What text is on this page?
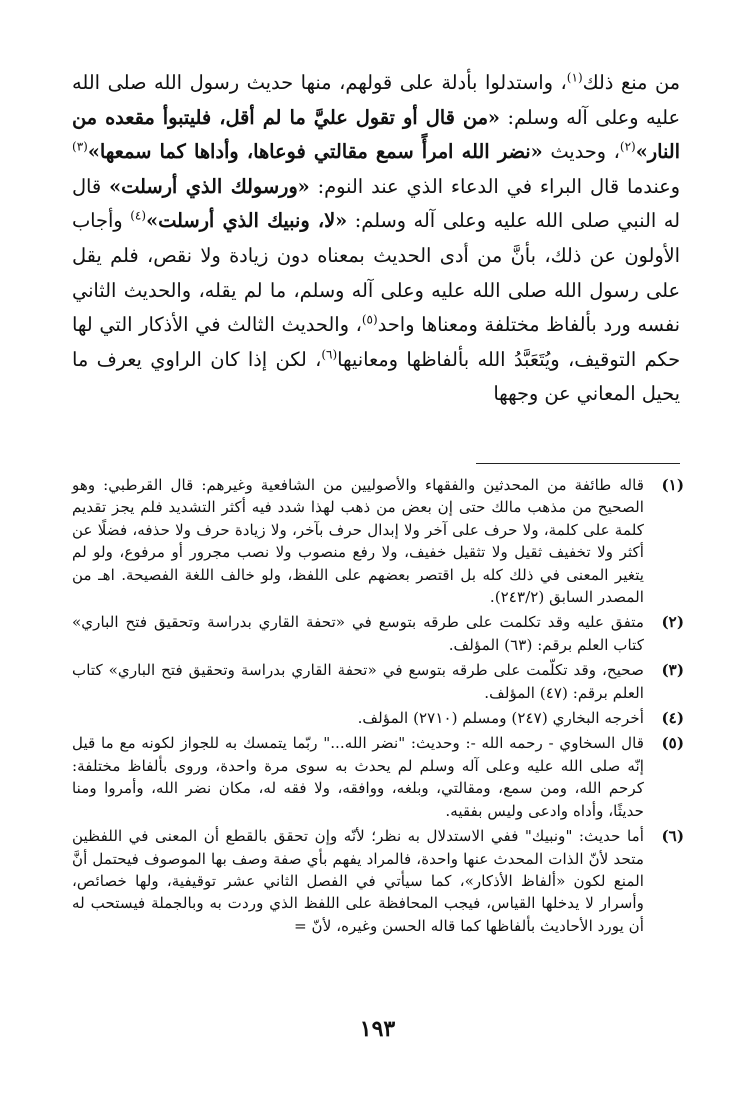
من منع ذلك$^{(١)}$، واستدلوا بأدلة على قولهم، منها حديث رسول الله صلى الله عليه وعلى آله وسلم: «من قال أو تقول عليَّ ما لم أقل، فليتبوأ مقعده من النار»$^{(٢)}$، وحديث «نضر الله امرأً سمع مقالتي فوعاها، وأداها كما سمعها»$^{(٣)}$ وعندما قال البراء في الدعاء الذي عند النوم: «ورسولك الذي أرسلت» قال له النبي صلى الله عليه وعلى آله وسلم: «لا، ونبيك الذي أرسلت»$^{(٤)}$ وأجاب الأولون عن ذلك، بأنَّ من أدى الحديث بمعناه دون زيادة ولا نقص، فلم يقل على رسول الله صلى الله عليه وعلى آله وسلم، ما لم يقله، والحديث الثاني نفسه ورد بألفاظ مختلفة ومعناها واحد$^{(٥)}$، والحديث الثالث في الأذكار التي لها حكم التوقيف، ويُتَعَبَّدُ الله بألفاظها ومعانيها$^{(٦)}$، لكن إذا كان الراوي يعرف ما يحيل المعاني عن وجهها

(١)
قاله طائفة من المحدثين والفقهاء والأصوليين من الشافعية وغيرهم: قال القرطبي: وهو الصحيح من مذهب مالك حتى إن بعض من ذهب لهذا شدد فيه أكثر التشديد فلم يجز تقديم كلمة على كلمة، ولا حرف على آخر ولا إبدال حرف بآخر، ولا زيادة حرف ولا حذفه، فضلًا عن أكثر ولا تخفيف ثقيل ولا تثقيل خفيف، ولا رفع منصوب ولا نصب مجرور أو مرفوع، ولو لم يتغير المعنى في ذلك كله بل اقتصر بعضهم على اللفظ، ولو خالف اللغة الفصيحة. اهـ من المصدر السابق (٢٤٣/٢).
(٢)
متفق عليه وقد تكلمت على طرقه بتوسع في «تحفة القاري بدراسة وتحقيق فتح الباري» كتاب العلم برقم: (٦٣) المؤلف.
(٣)
صحيح، وقد تكلّمت على طرقه بتوسع في «تحفة القاري بدراسة وتحقيق فتح الباري» كتاب العلم برقم: (٤٧) المؤلف.
(٤)
أخرجه البخاري (٢٤٧) ومسلم (٢٧١٠) المؤلف.
(٥)
قال السخاوي - رحمه الله -: وحديث: "نضر الله..." ربّما يتمسك به للجواز لكونه مع ما قيل إنّه صلى الله عليه وعلى آله وسلم لم يحدث به سوى مرة واحدة، وروى بألفاظ مختلفة: كرحم الله، ومن سمع، ومقالتي، وبلغه، ووافقه، ولا فقه له، مكان نضر الله، وأمروا ومنا حديثًا، وأداه وادعى وليس بفقيه.
(٦)
أما حديث: "ونبيك" ففي الاستدلال به نظر؛ لأنّه وإن تحقق بالقطع أن المعنى في اللفظين متحد لأنّ الذات المحدث عنها واحدة، فالمراد يفهم بأي صفة وصف بها الموصوف فيحتمل أنَّ المنع لكون «ألفاظ الأذكار»، كما سيأتي في الفصل الثاني عشر توقيفية، ولها خصائص، وأسرار لا يدخلها القياس، فيجب المحافظة على اللفظ الذي وردت به وبالجملة فيستحب له أن يورد الأحاديث بألفاظها كما قاله الحسن وغيره، لأنّ =
١٩٣
